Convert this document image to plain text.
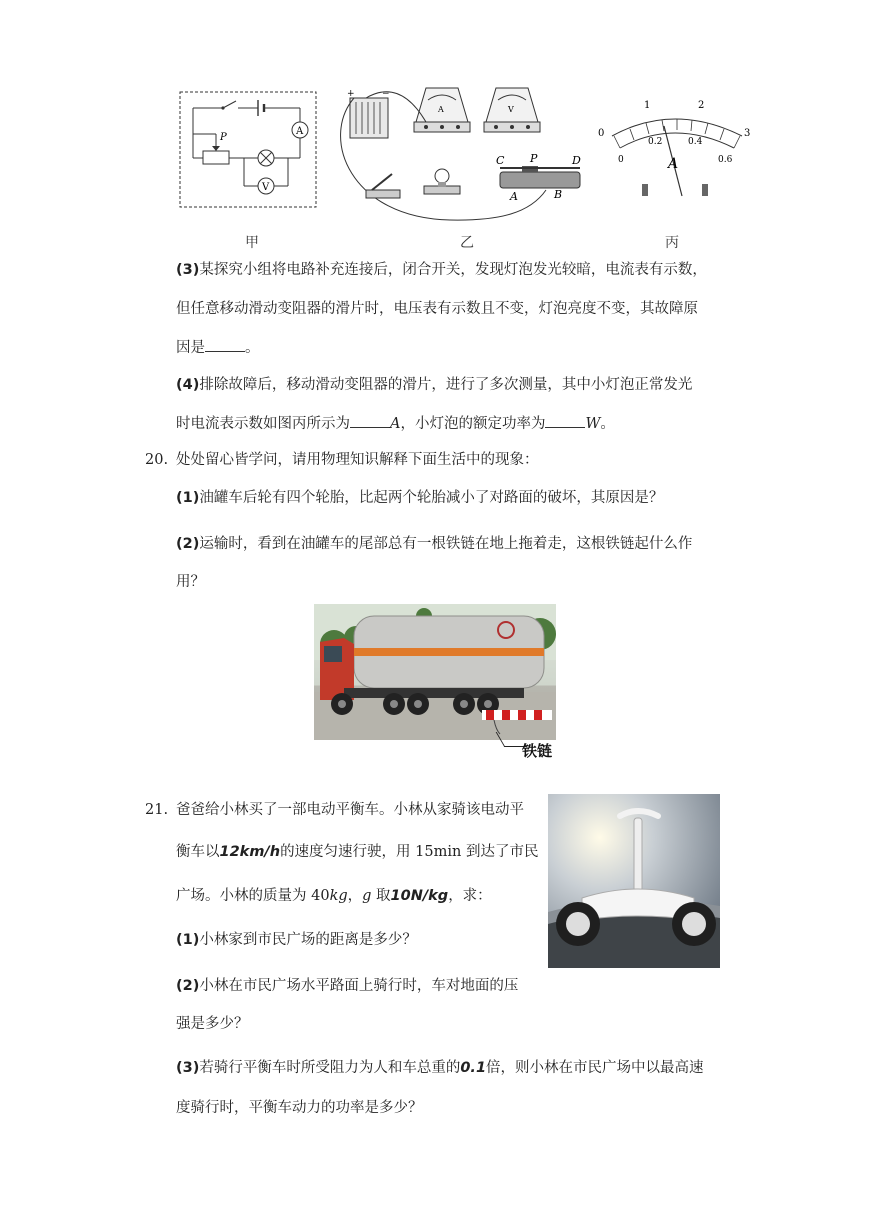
P
A
V
+	−
A	V
C P	D
A	B
0
1	2
3
0
0.2	0.4
0.6
A
甲	乙	丙
(3)某探究小组将电路补充连接后，闭合开关，发现灯泡发光较暗，电流表有示数，
但任意移动滑动变阻器的滑片时，电压表有示数且不变，灯泡亮度不变，其故障原
因是	。
(4)排除故障后，移动滑动变阻器的滑片，进行了多次测量，其中小灯泡正常发光
时电流表示数如图丙所示为	A，小灯泡的额定功率为	W。
20. 处处留心皆学问，请用物理知识解释下面生活中的现象：
(1)油罐车后轮有四个轮胎，比起两个轮胎减小了对路面的破坏，其原因是？
(2)运输时，看到在油罐车的尾部总有一根铁链在地上拖着走，这根铁链起什么作
用？
铁链
21. 爸爸给小林买了一部电动平衡车。小林从家骑该电动平
衡车以12km/h的速度匀速行驶，用 15min 到达了市民
广场。小林的质量为 40kg，g 取10N/kg，求：
(1)小林家到市民广场的距离是多少？
(2)小林在市民广场水平路面上骑行时，车对地面的压
强是多少？
(3)若骑行平衡车时所受阻力为人和车总重的0.1倍，则小林在市民广场中以最高速
度骑行时，平衡车动力的功率是多少？
